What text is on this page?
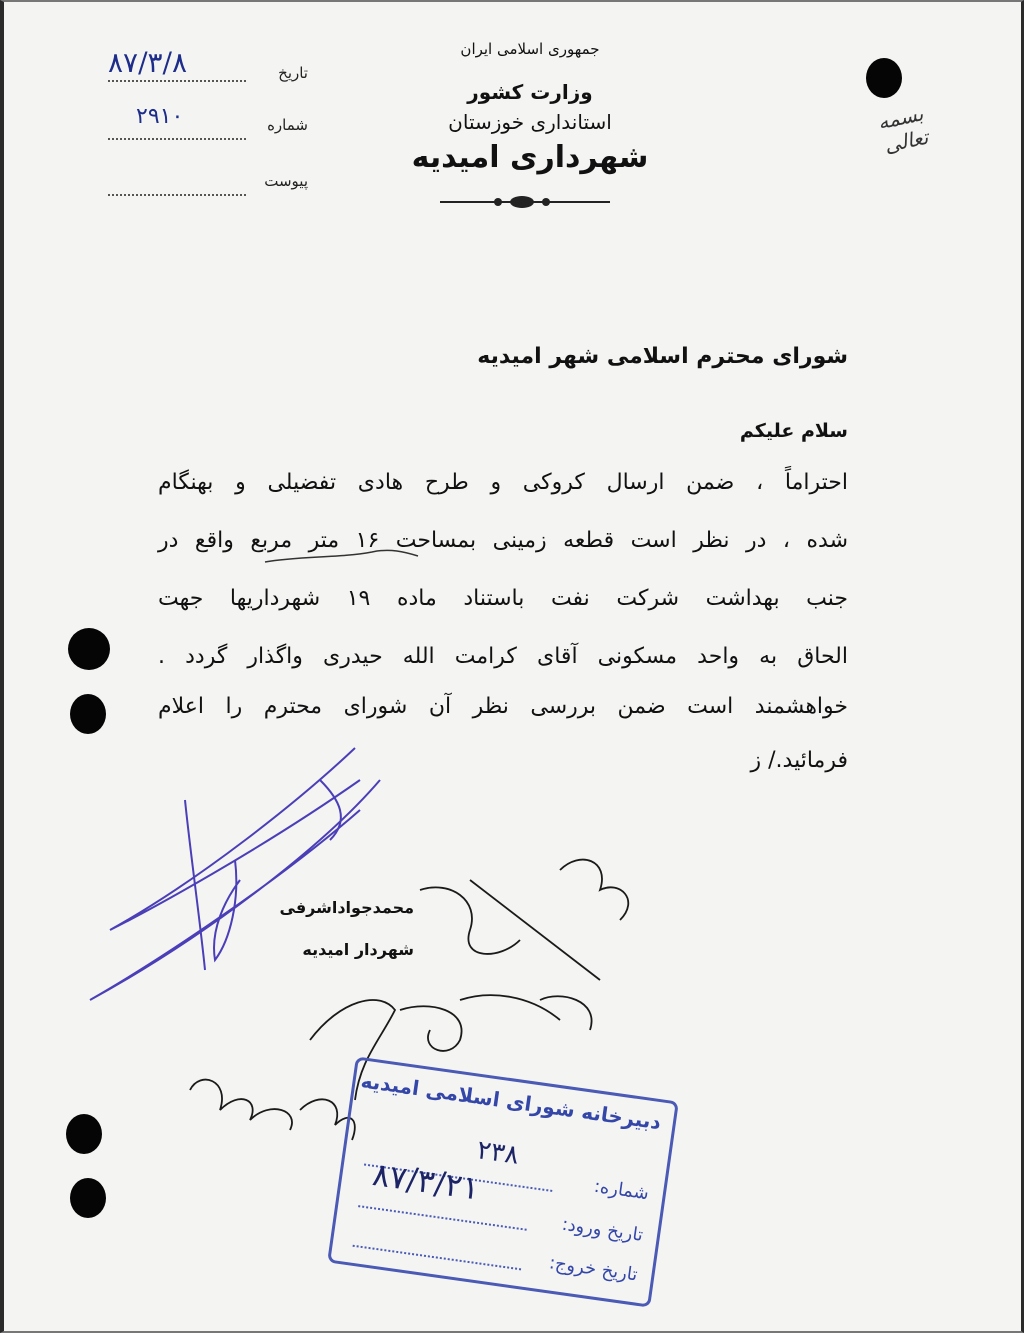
تاریخ
۸۷/۳/۸
شماره
۲۹۱۰
پیوست
جمهوری اسلامی ایران
وزارت کشور
استانداری خوزستان
شهرداری امیدیه
بسمه تعالی
شورای محترم اسلامی شهر امیدیه
سلام علیکم
احتراماً ، ضمن ارسال کروکی و طرح هادی تفضیلی و بهنگام
شده ، در نظر است قطعه زمینی بمساحت ۱۶ متر مربع واقع در
جنب بهداشت شرکت نفت باستناد ماده ۱۹ شهرداریها جهت
الحاق به واحد مسکونی آقای کرامت الله حیدری واگذار گردد .
خواهشمند است ضمن بررسی نظر آن شورای محترم را اعلام
فرمائید./ ز
محمدجواداشرفی
شهردار امیدیه
دبیرخانه شورای اسلامی امیدیه
شماره:
۲۳۸
تاریخ ورود:
۸۷/۳/۲۱
تاریخ خروج:
